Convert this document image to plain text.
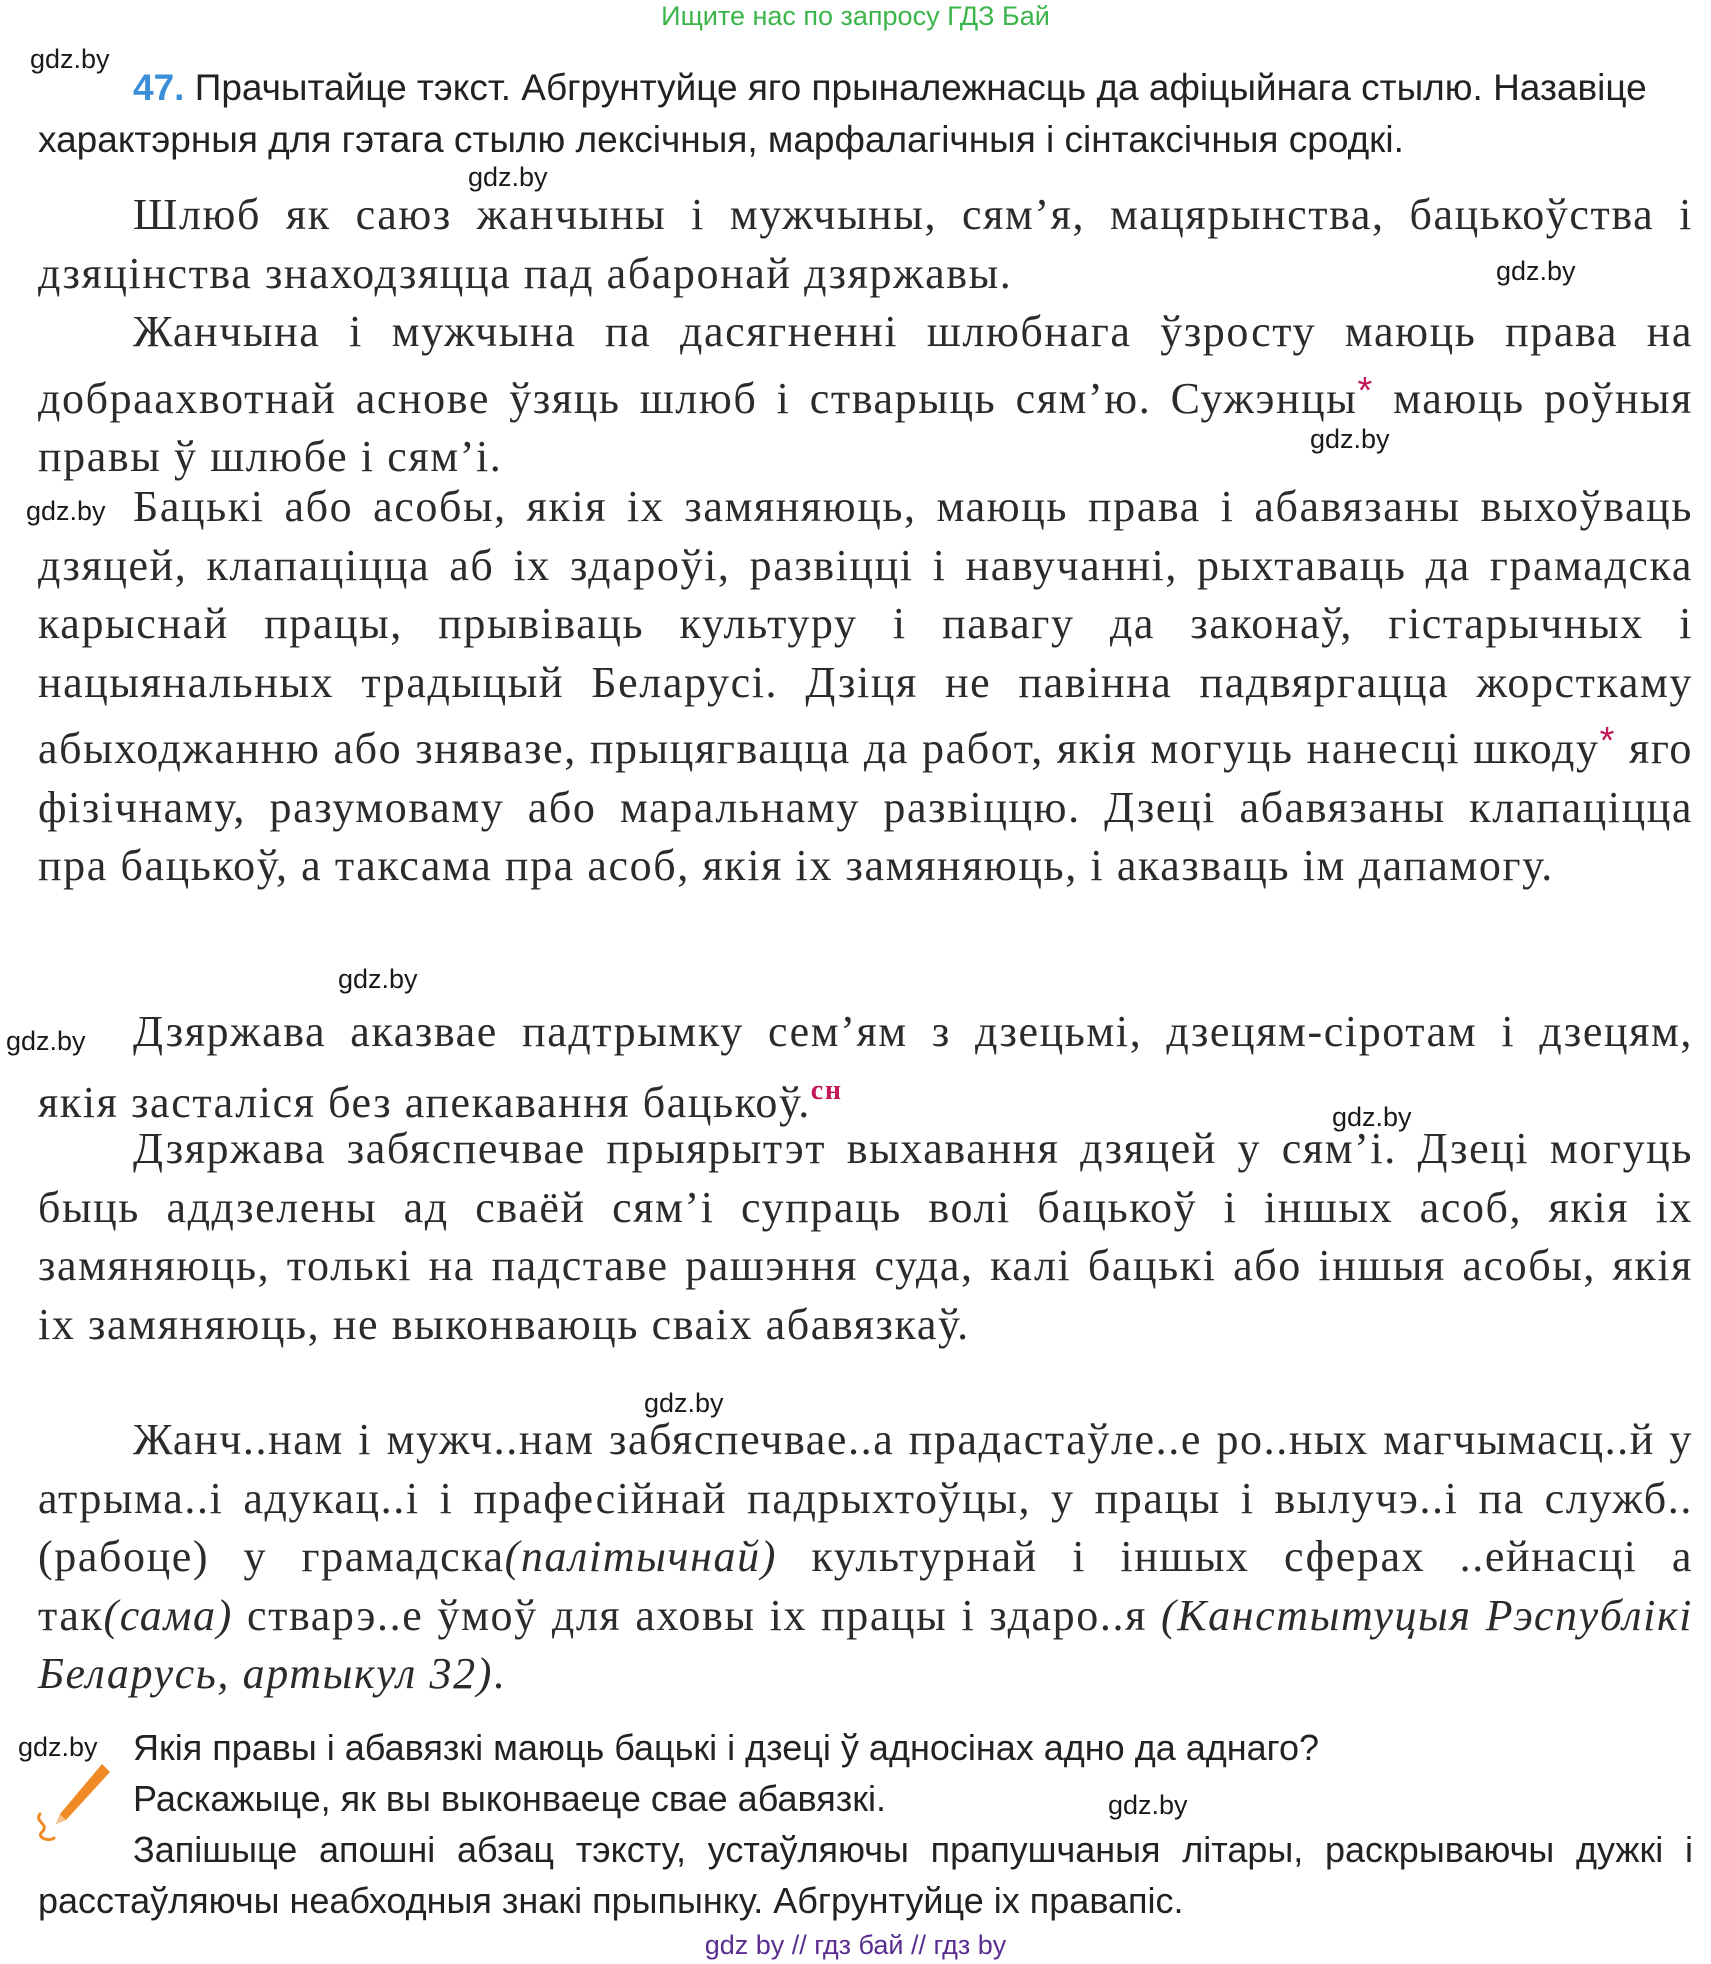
Ищите нас по запросу ГДЗ Бай
gdz.by
gdz.by
gdz.by
gdz.by
gdz.by
gdz.by
gdz.by
gdz.by
gdz.by
gdz.by
gdz.by
47. Прачытайце тэкст. Абгрунтуйце яго прыналежнасць да афіцыйнага стылю. Назавіце характэрныя для гэтага стылю лексічныя, марфалагічныя і сінтаксічныя сродкі.
Шлюб як саюз жанчыны і мужчыны, сям’я, мацярынства, бацькоўства і дзяцінства знаходзяцца пад абаронай дзяржавы.
Жанчына і мужчына па дасягненні шлюбнага ўзросту маюць права на добраахвотнай аснове ўзяць шлюб і стварыць сям’ю. Сужэнцы* маюць роўныя правы ў шлюбе і сям’і.
Бацькі або асобы, якія іх замяняюць, маюць права і абавязаны выхоўваць дзяцей, клапаціцца аб іх здароўі, развіцці і навучанні, рыхтаваць да грамадска карыснай працы, прывіваць культуру і павагу да законаў, гістарычных і нацыянальных традыцый Беларусі. Дзіця не павінна падвяргацца жорсткаму абыходжанню або знявазе, прыцягвацца да работ, якія могуць нанесці шкоду* яго фізічнаму, разумоваму або маральнаму развіццю. Дзеці абавязаны клапаціцца пра бацькоў, а таксама пра асоб, якія іх замяняюць, і аказваць ім дапамогу.
Дзяржава аказвае падтрымку сем’ям з дзецьмі, дзецям-сіротам і дзецям, якія засталіся без апекавання бацькоў.$^{сн}$
Дзяржава забяспечвае прыярытэт выхавання дзяцей у сям’і. Дзеці могуць быць аддзелены ад сваёй сям’і супраць волі бацькоў і іншых асоб, якія іх замяняюць, толькі на падставе рашэння суда, калі бацькі або іншыя асобы, якія іх замяняюць, не выконваюць сваіх абавязкаў.
Жанч..нам і мужч..нам забяспечвае..а прадастаўле..е ро..ных магчымасц..й у атрыма..і адукац..і і прафесійнай падрыхтоўцы, у працы і вылучэ..і па служб.. (рабоце) у грамадска(палітычнай) культурнай і іншых сферах ..ейнасці а так(сама) стварэ..е ўмоў для аховы іх працы і здаро..я (Канстытуцыя Рэспублікі Беларусь, артыкул 32).
Якія правы і абавязкі маюць бацькі і дзеці ў адносінах адно да аднаго?
Раскажыце, як вы выконваеце свае абавязкі.
Запішыце апошні абзац тэксту, устаўляючы прапушчаныя літары, раскрываючы дужкі і расстаўляючы неабходныя знакі прыпынку. Абгрунтуйце іх правапіс.
gdz by // гдз бай // гдз by
